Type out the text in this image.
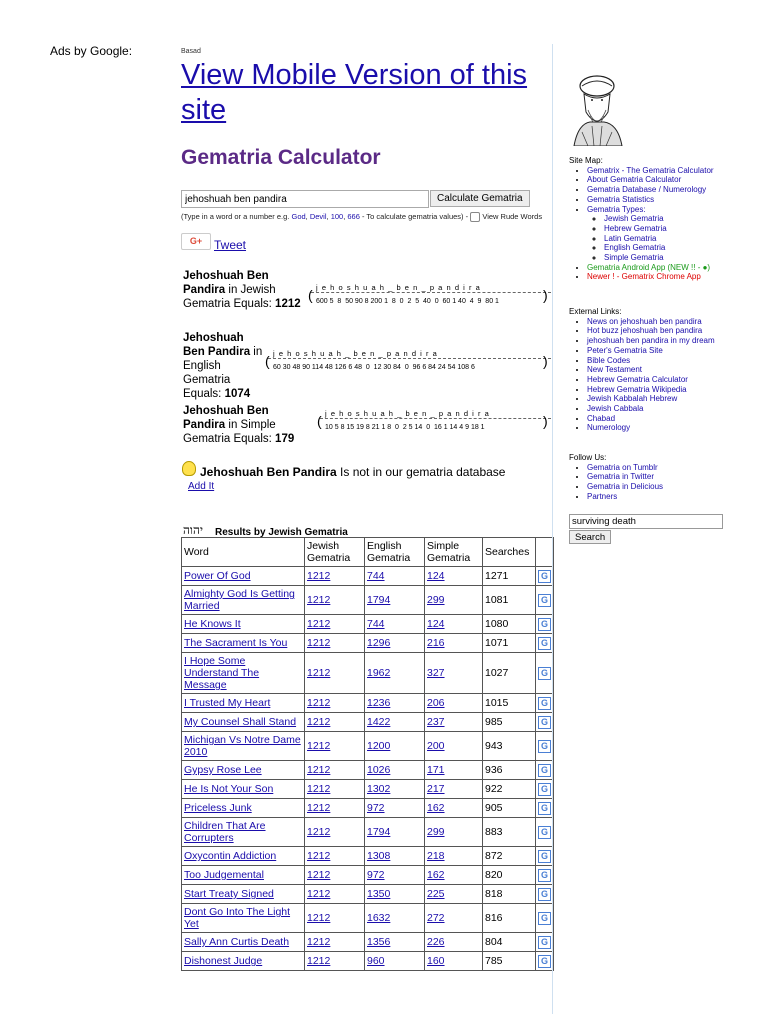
Ads by Google:	Basad
View Mobile Version of this site
Gematria Calculator
jehoshuah ben pandira
Calculate Gematria
(Type in a word or a number e.g. God, Devil, 100, 666 - To calculate gematria values) - View Rude Words
G+ Tweet
Jehoshuah Ben Pandira in Jewish Gematria Equals: 1212
( j  e  h  o  s  h  u  a  h  _  b  e  n  _  p  a  n  d  i  r  a
600 5  8  50 90 8 200 1  8  0  2  5  40  0  60 1 40  4  9  80 1	)
Jehoshuah Ben Pandira in English Gematria Equals: 1074
( j  e  h  o  s  h  u  a  h  _  b  e  n  _  p  a  n  d  i  r  a
60 30 48 90 114 48 126 6 48  0  12 30 84  0  96 6 84 24 54 108 6	)
Jehoshuah Ben Pandira in Simple Gematria Equals: 179
( j  e  h  o  s  h  u  a  h  _  b  e  n  _  p  a  n  d  i  r  a
10 5 8 15 19 8 21 1 8  0  2 5 14  0  16 1 14 4 9 18 1	)
Jehoshuah Ben Pandira Is not in our gematria database
Add It
יהוה Results by Jewish Gematria
Word	Jewish Gematria	English Gematria	Simple Gematria	Searches	
Power Of God	1212	744	124	1271	G
Almighty God Is Getting Married	1212	1794	299	1081	G
He Knows It	1212	744	124	1080	G
The Sacrament Is You	1212	1296	216	1071	G
I Hope Some Understand The Message	1212	1962	327	1027	G
I Trusted My Heart	1212	1236	206	1015	G
My Counsel Shall Stand	1212	1422	237	985	G
Michigan Vs Notre Dame 2010	1212	1200	200	943	G
Gypsy Rose Lee	1212	1026	171	936	G
He Is Not Your Son	1212	1302	217	922	G
Priceless Junk	1212	972	162	905	G
Children That Are Corrupters	1212	1794	299	883	G
Oxycontin Addiction	1212	1308	218	872	G
Too Judgemental	1212	972	162	820	G
Start Treaty Signed	1212	1350	225	818	G
Dont Go Into The Light Yet	1212	1632	272	816	G
Sally Ann Curtis Death	1212	1356	226	804	G
Dishonest Judge	1212	960	160	785	G
Site Map:
• Gematrix - The Gematria Calculator
• About Gematria Calculator
• Gematria Database / Numerology
• Gematria Statistics
• Gematria Types:
◦ Jewish Gematria
◦ Hebrew Gematria
◦ Latin Gematria
◦ English Gematria
◦ Simple Gematria
• Gematria Android App (NEW !! - ●)
• Newer ! - Gematrix Chrome App
External Links:
• News on jehoshuah ben pandira
• Hot buzz jehoshuah ben pandira
• jehoshuah ben pandira in my dream
• Peter's Gematria Site
• Bible Codes
• New Testament
• Hebrew Gematria Calculator
• Hebrew Gematria Wikipedia
• Jewish Kabbalah Hebrew
• Jewish Cabbala
• Chabad
• Numerology
Follow Us:
• Gematria on Tumblr
• Gematria in Twitter
• Gematria in Delicious
• Partners
surviving death
Search
